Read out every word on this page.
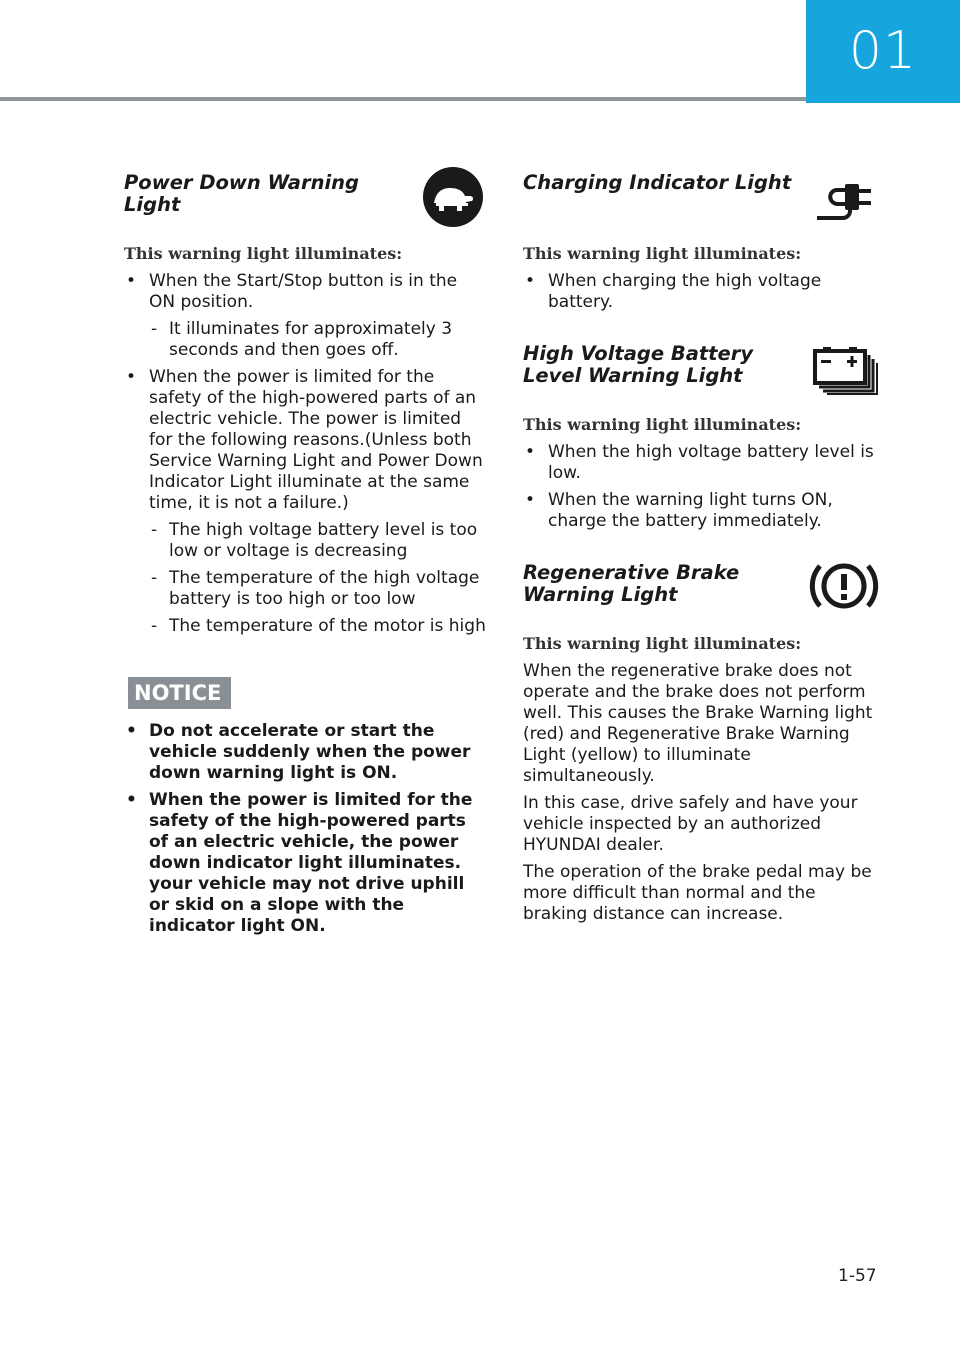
01
Power Down Warning Light
This warning light illuminates:
• When the Start/Stop button is in the ON position.
- It illuminates for approximately 3 seconds and then goes off.
• When the power is limited for the safety of the high-powered parts of an electric vehicle. The power is limited for the following reasons.(Unless both Service Warning Light and Power Down Indicator Light illuminate at the same time, it is not a failure.)
- The high voltage battery level is too low or voltage is decreasing
- The temperature of the high voltage battery is too high or too low
- The temperature of the motor is high
NOTICE
• Do not accelerate or start the vehicle suddenly when the power down warning light is ON.
• When the power is limited for the safety of the high-powered parts of an electric vehicle, the power down indicator light illuminates. your vehicle may not drive uphill or skid on a slope with the indicator light ON.
Charging Indicator Light
This warning light illuminates:
• When charging the high voltage battery.
High Voltage Battery Level Warning Light
This warning light illuminates:
• When the high voltage battery level is low.
• When the warning light turns ON, charge the battery immediately.
Regenerative Brake Warning Light
This warning light illuminates:

When the regenerative brake does not operate and the brake does not perform well. This causes the Brake Warning light (red) and Regenerative Brake Warning Light (yellow) to illuminate simultaneously.

In this case, drive safely and have your vehicle inspected by an authorized HYUNDAI dealer.

The operation of the brake pedal may be more difficult than normal and the braking distance can increase.

1-57
